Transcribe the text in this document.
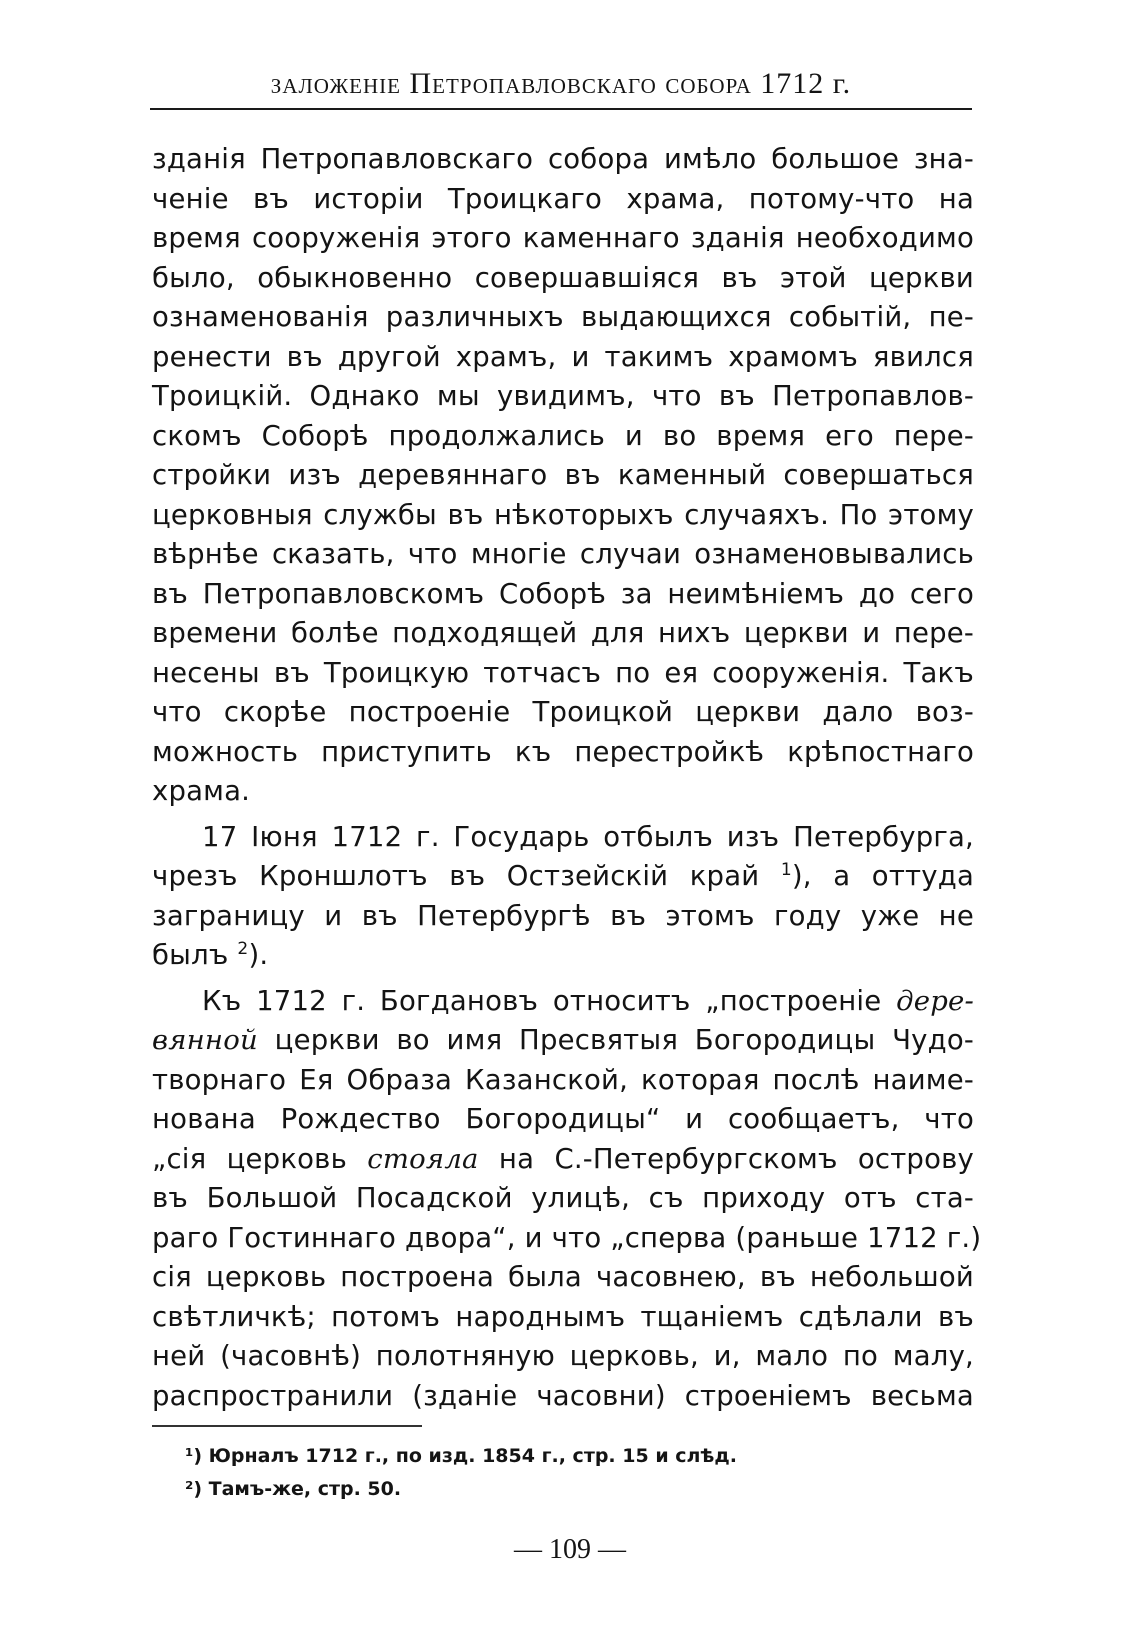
заложеніе Петропавловскаго собора 1712 г.
зданія Петропавловскаго собора имѣло большое зна-
ченіе въ исторіи Троицкаго храма, потому-что на
время сооруженія этого каменнаго зданія необходимо
было, обыкновенно совершавшіяся въ этой церкви
ознаменованія различныхъ выдающихся событій, пе-
ренести въ другой храмъ, и такимъ храмомъ явился
Троицкій. Однако мы увидимъ, что въ Петропавлов-
скомъ Соборѣ продолжались и во время его пере-
стройки изъ деревяннаго въ каменный совершаться
церковныя службы въ нѣкоторыхъ случаяхъ. По этому
вѣрнѣе сказать, что многіе случаи ознаменовывались
въ Петропавловскомъ Соборѣ за неимѣніемъ до сего
времени болѣе подходящей для нихъ церкви и пере-
несены въ Троицкую тотчасъ по ея сооруженія. Такъ
что скорѣе построеніе Троицкой церкви дало воз-
можность приступить къ перестройкѣ крѣпостнаго
храма.
17 Іюня 1712 г. Государь отбылъ изъ Петербурга,
чрезъ Кроншлотъ въ Остзейскій край $^1$), а оттуда
заграницу и въ Петербургѣ въ этомъ году уже не
былъ $^2$).
Къ 1712 г. Богдановъ относитъ „построеніе дере-
вянной церкви во имя Пресвятыя Богородицы Чудо-
творнаго Ея Образа Казанской, которая послѣ наиме-
нована Рождество Богородицы“ и сообщаетъ, что
„сія церковь стояла на С.-Петербургскомъ острову
въ Большой Посадской улицѣ, съ приходу отъ ста-
раго Гостиннаго двора“, и что „сперва (раньше 1712 г.)
сія церковь построена была часовнею, въ небольшой
свѣтличкѣ; потомъ народнымъ тщаніемъ сдѣлали въ
ней (часовнѣ) полотняную церковь, и, мало по малу,
распространили (зданіе часовни) строеніемъ весьма
¹) Юрналъ 1712 г., по изд. 1854 г., стр. 15 и слѣд.
²) Тамъ-же, стр. 50.
— 109 —
